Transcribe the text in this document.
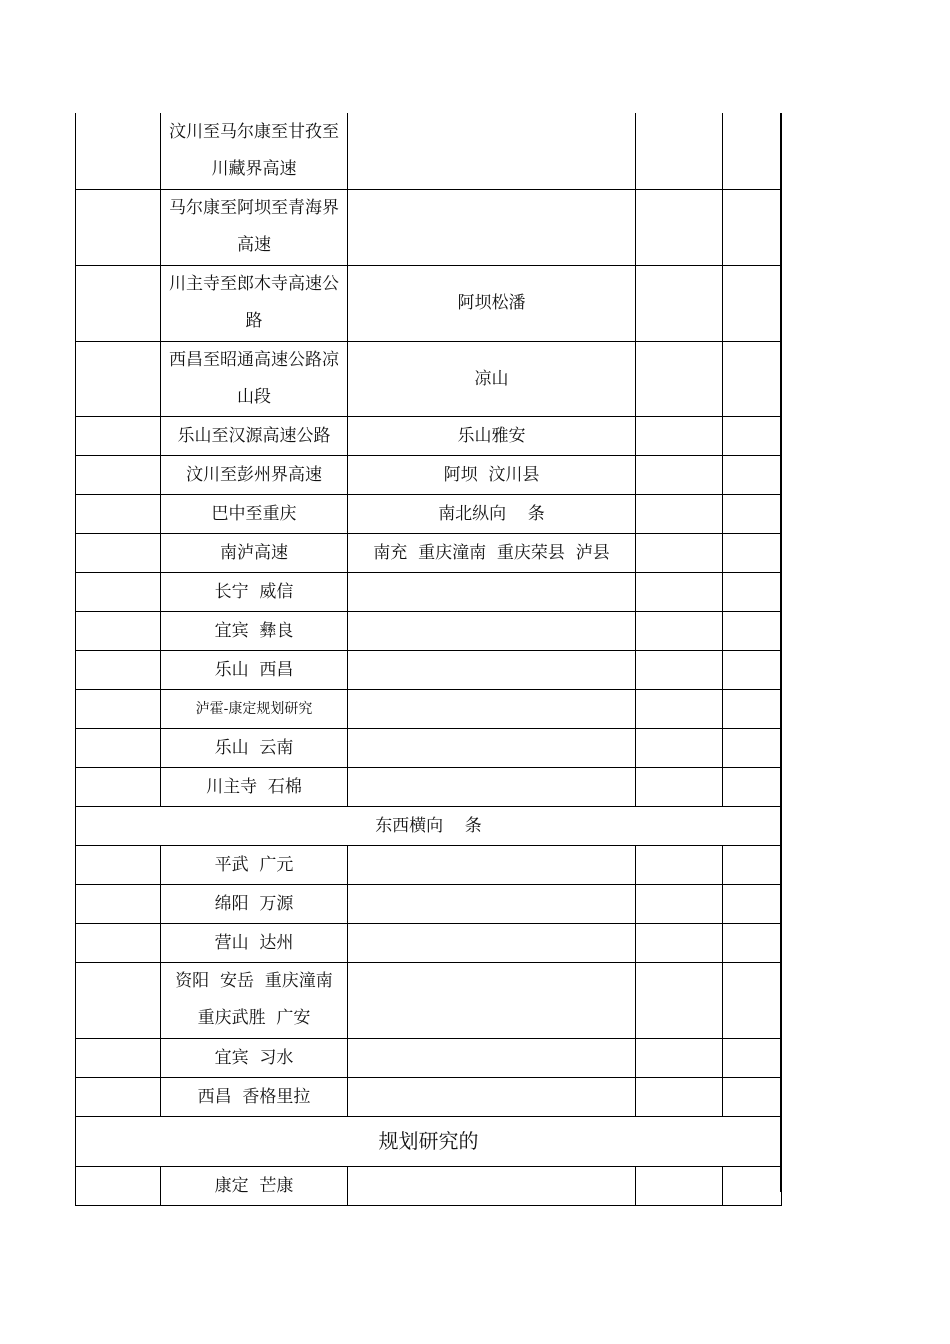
	汶川至马尔康至甘孜至川藏界高速			
	马尔康至阿坝至青海界高速			
	川主寺至郎木寺高速公路	阿坝松潘		
	西昌至昭通高速公路凉山段	凉山		
	乐山至汉源高速公路	乐山雅安		
	汶川至彭州界高速	阿坝  汶川县		
	巴中至重庆	南北纵向    条		
	南泸高速	南充  重庆潼南  重庆荣县  泸县		
	长宁  威信			
	宜宾  彝良			
	乐山  西昌			
	泸霍-康定规划研究			
	乐山  云南			
	川主寺  石棉			
东西横向    条				
	平武  广元			
	绵阳  万源			
	营山  达州			
	资阳  安岳  重庆潼南  重庆武胜  广安			
	宜宾  习水			
	西昌  香格里拉			
规划研究的				
	康定  芒康			
